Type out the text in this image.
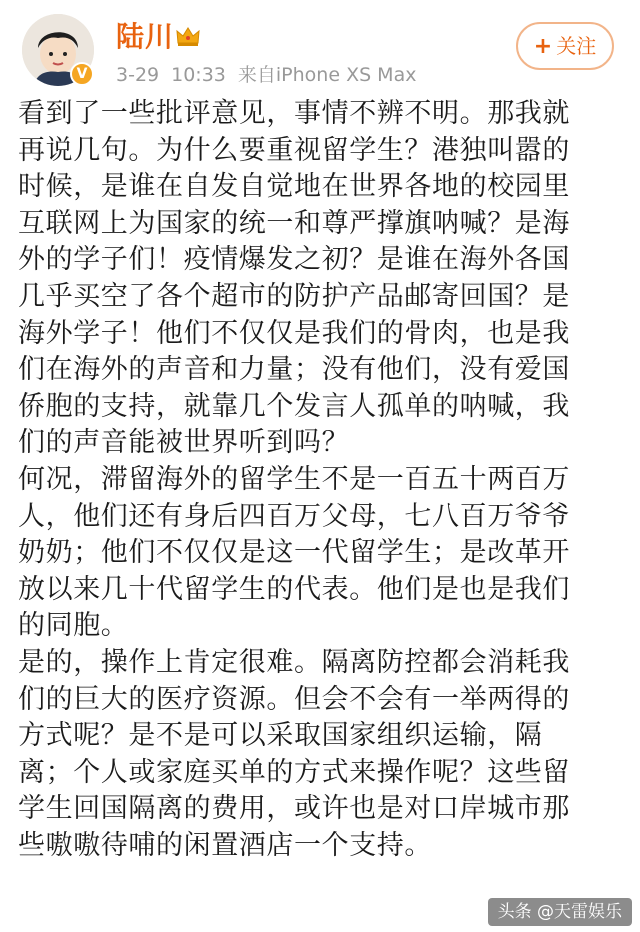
V
陆川
3-29 10:33 来自iPhone XS Max
+ 关注

看到了一些批评意见，事情不辨不明。那我就
再说几句。为什么要重视留学生？港独叫嚣的
时候，是谁在自发自觉地在世界各地的校园里
互联网上为国家的统一和尊严撑旗呐喊？是海
外的学子们！疫情爆发之初？是谁在海外各国
几乎买空了各个超市的防护产品邮寄回国？是
海外学子！他们不仅仅是我们的骨肉，也是我
们在海外的声音和力量；没有他们，没有爱国
侨胞的支持，就靠几个发言人孤单的呐喊，我
们的声音能被世界听到吗？

何况，滞留海外的留学生不是一百五十两百万
人，他们还有身后四百万父母，七八百万爷爷
奶奶；他们不仅仅是这一代留学生；是改革开
放以来几十代留学生的代表。他们是也是我们
的同胞。

是的，操作上肯定很难。隔离防控都会消耗我
们的巨大的医疗资源。但会不会有一举两得的
方式呢？是不是可以采取国家组织运输，隔
离；个人或家庭买单的方式来操作呢？这些留
学生回国隔离的费用，或许也是对口岸城市那
些嗷嗷待哺的闲置酒店一个支持。

头条 @天雷娱乐
